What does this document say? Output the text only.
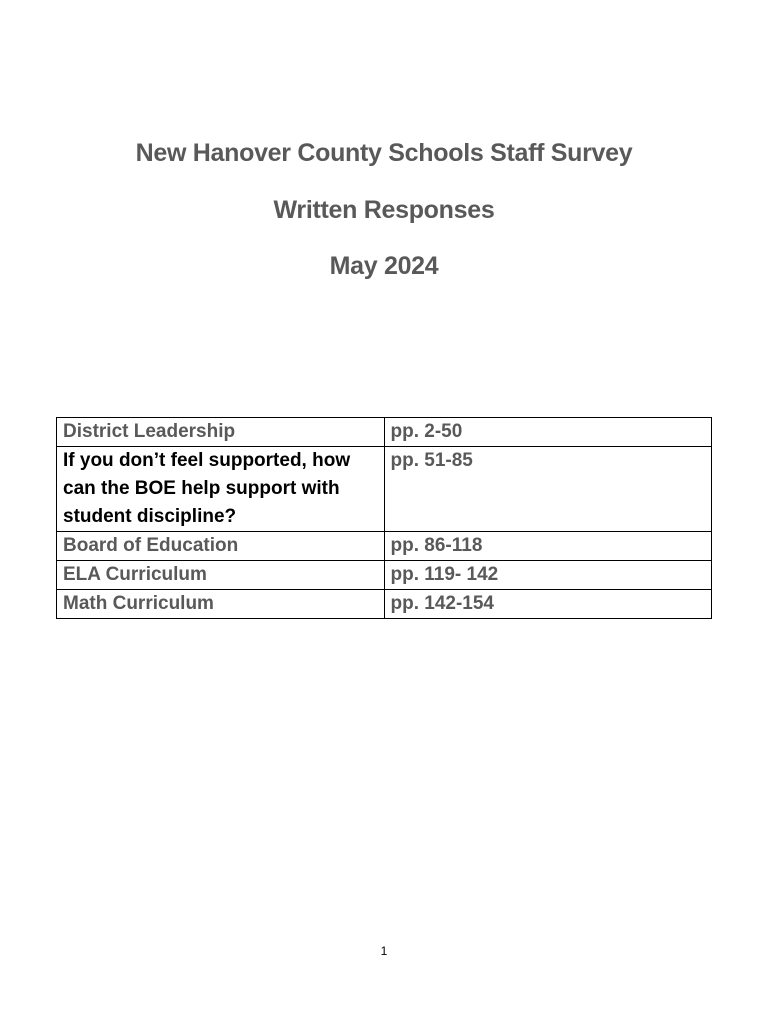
New Hanover County Schools Staff Survey
Written Responses
May 2024
District Leadership	pp. 2-50
If you don’t feel supported, how can the BOE help support with student discipline?	pp. 51-85
Board of Education	pp. 86-118
ELA Curriculum	pp. 119- 142
Math Curriculum	pp. 142-154
1
